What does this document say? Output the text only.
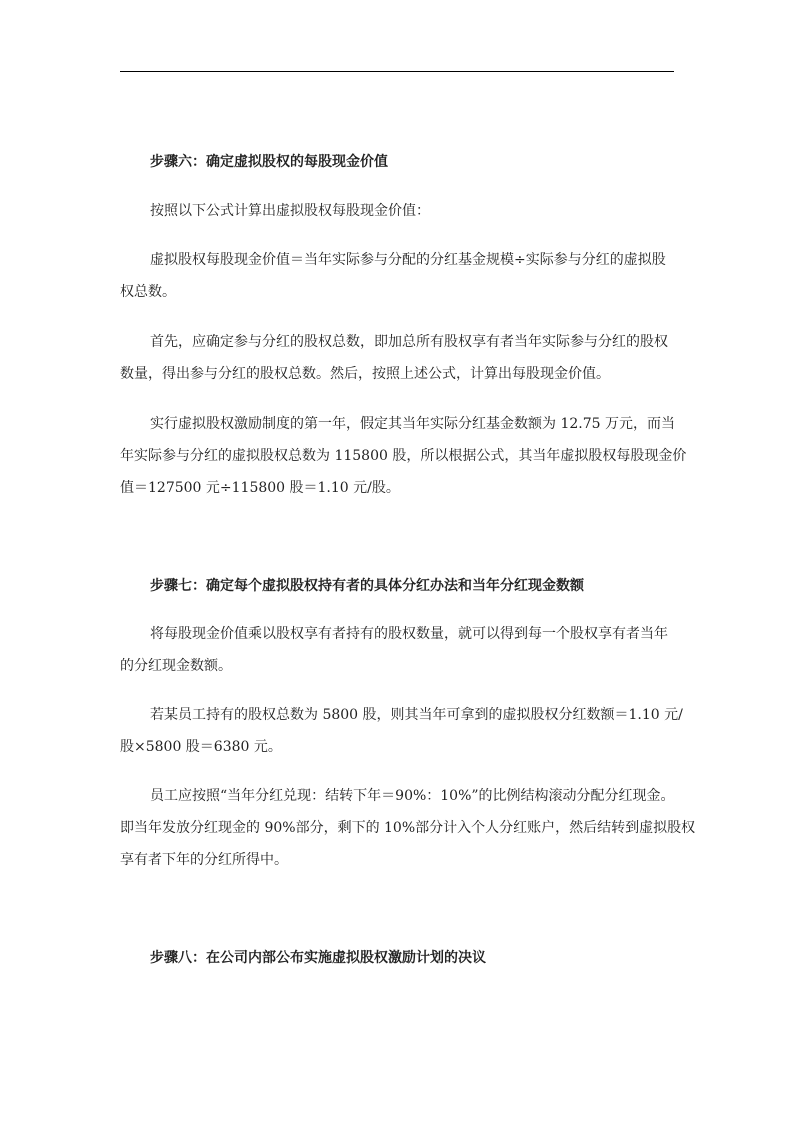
步骤六：确定虚拟股权的每股现金价值
按照以下公式计算出虚拟股权每股现金价值：
虚拟股权每股现金价值＝当年实际参与分配的分红基金规模÷实际参与分红的虚拟股
权总数。
首先，应确定参与分红的股权总数，即加总所有股权享有者当年实际参与分红的股权
数量，得出参与分红的股权总数。然后，按照上述公式，计算出每股现金价值。
实行虚拟股权激励制度的第一年，假定其当年实际分红基金数额为 12.75 万元，而当
年实际参与分红的虚拟股权总数为 115800 股，所以根据公式，其当年虚拟股权每股现金价
值＝127500 元÷115800 股＝1.10 元/股。
步骤七：确定每个虚拟股权持有者的具体分红办法和当年分红现金数额
将每股现金价值乘以股权享有者持有的股权数量，就可以得到每一个股权享有者当年
的分红现金数额。
若某员工持有的股权总数为 5800 股，则其当年可拿到的虚拟股权分红数额＝1.10 元/
股×5800 股＝6380 元。
员工应按照“当年分红兑现：结转下年＝90%：10%”的比例结构滚动分配分红现金。
即当年发放分红现金的 90%部分，剩下的 10%部分计入个人分红账户，然后结转到虚拟股权
享有者下年的分红所得中。
步骤八：在公司内部公布实施虚拟股权激励计划的决议
